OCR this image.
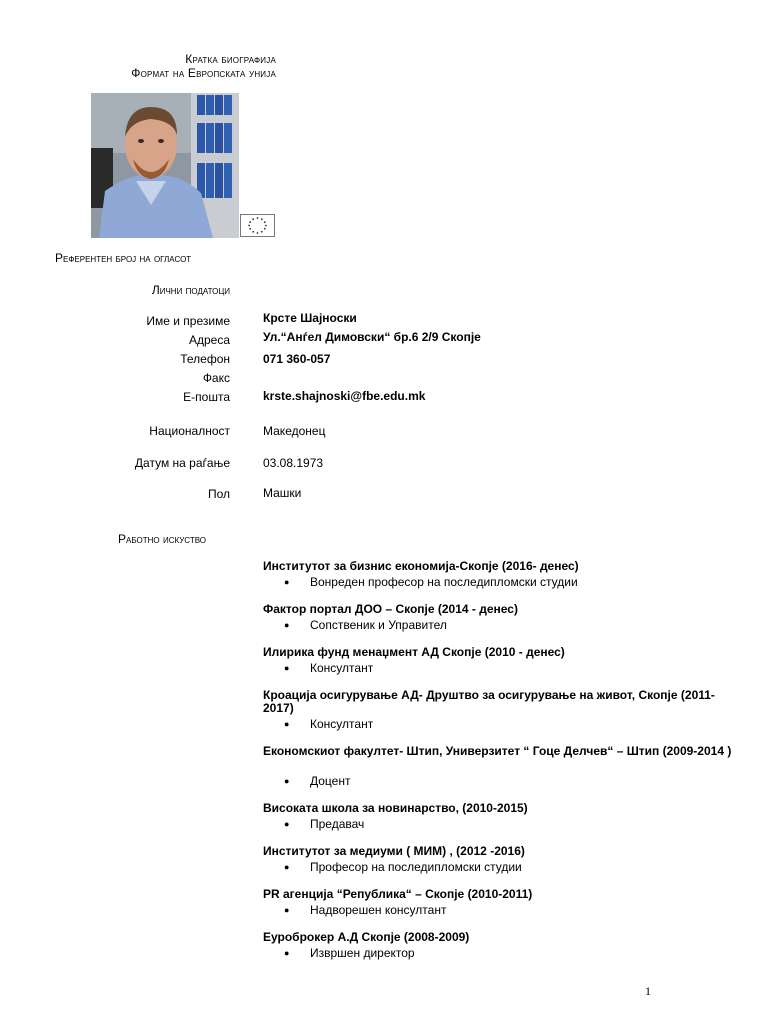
Кратка биографија
Формат на Европската унија
Референтен број на огласот
Лични податоци
Име и презиме	Крсте Шајноски
Адреса	Ул.“Анѓел Димовски“ бр.6 2/9 Скопје
Телефон	071 360-057
Факс
Е-пошта	krste.shajnoski@fbe.edu.mk
Националност	Македонец
Датум на раѓање	03.08.1973
Пол	Машки
Работно искуство
Институтот за бизнис економија-Скопје (2016- денес)
● Вонреден професор на последипломски студии
Фактор портал ДОО – Скопје (2014 - денес)
● Сопственик и Управител
Илирика фунд менаџмент АД Скопје (2010 - денес)
● Консултант
Кроација осигурување АД- Друштво за осигурување на живот, Скопје (2011-2017)
● Консултант
Економскиот факултет- Штип, Универзитет “ Гоце Делчев“ – Штип (2009-2014 )
● Доцент
Високата школа за новинарство, (2010-2015)
● Предавач
Институтот за медиуми ( МИМ) , (2012 -2016)
● Професор на последипломски студии
PR агенција “Република“ – Скопје (2010-2011)
● Надворешен консултант
Еуроброкер А.Д Скопје (2008-2009)
● Извршен директор
1
